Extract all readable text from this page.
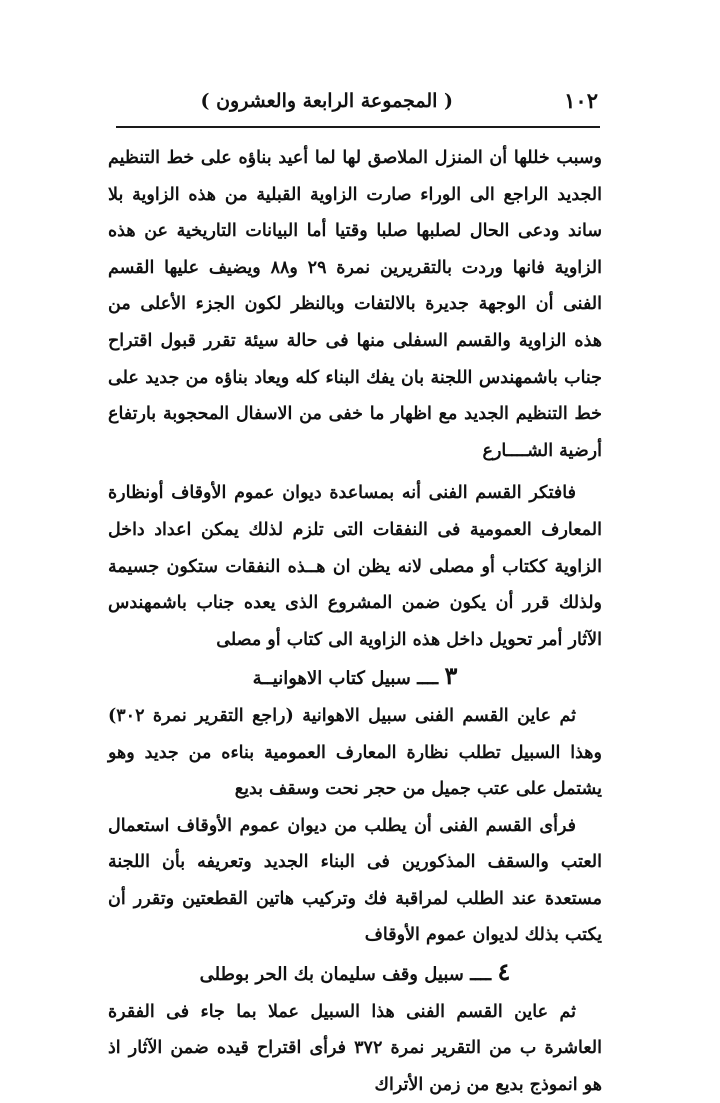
١٠٢
( المجموعة الرابعة والعشرون )

وسبب خللها أن المنزل الملاصق لها لما أعيد بناؤه على خط التنظيم الجديد الراجع الى الوراء صارت الزاوية القبلية من هذه الزاوية بلا ساند ودعى الحال لصلبها صلبا وقتيا أما البيانات التاريخية عن هذه الزاوية فانها وردت بالتقريرين نمرة ٢٩ و٨٨ ويضيف عليها القسم الفنى أن الوجهة جديرة بالالتفات وبالنظر لكون الجزء الأعلى من هذه الزاوية والقسم السفلى منها فى حالة سيئة تقرر قبول اقتراح جناب باشمهندس اللجنة بان يفك البناء كله ويعاد بناؤه من جديد على خط التنظيم الجديد مع اظهار ما خفى من الاسفال المحجوبة بارتفاع أرضية الشــــارع

فافتكر القسم الفنى أنه بمساعدة ديوان عموم الأوقاف أونظارة المعارف العمومية فى النفقات التى تلزم لذلك يمكن اعداد داخل الزاوية ككتاب أو مصلى لانه يظن ان هــذه النفقات ستكون جسيمة ولذلك قرر أن يكون ضمن المشروع الذى يعده جناب باشمهندس الآثار أمر تحويل داخل هذه الزاوية الى كتاب أو مصلى

٣ ــــ سبيل كتاب الاهوانيــة

ثم عاين القسم الفنى سبيل الاهوانية (راجع التقرير نمرة ٣٠٢) وهذا السبيل تطلب نظارة المعارف العمومية بناءه من جديد وهو يشتمل على عتب جميل من حجر نحت وسقف بديع

فرأى القسم الفنى أن يطلب من ديوان عموم الأوقاف استعمال العتب والسقف المذكورين فى البناء الجديد وتعريفه بأن اللجنة مستعدة عند الطلب لمراقبة فك وتركيب هاتين القطعتين وتقرر أن يكتب بذلك لديوان عموم الأوقاف

٤ ــــ سبيل وقف سليمان بك الحر بوطلى

ثم عاين القسم الفنى هذا السبيل عملا بما جاء فى الفقرة العاشرة ب من التقرير نمرة ٣٧٢ فرأى اقتراح قيده ضمن الآثار اذ هو انموذج بديع من زمن الأتراك
